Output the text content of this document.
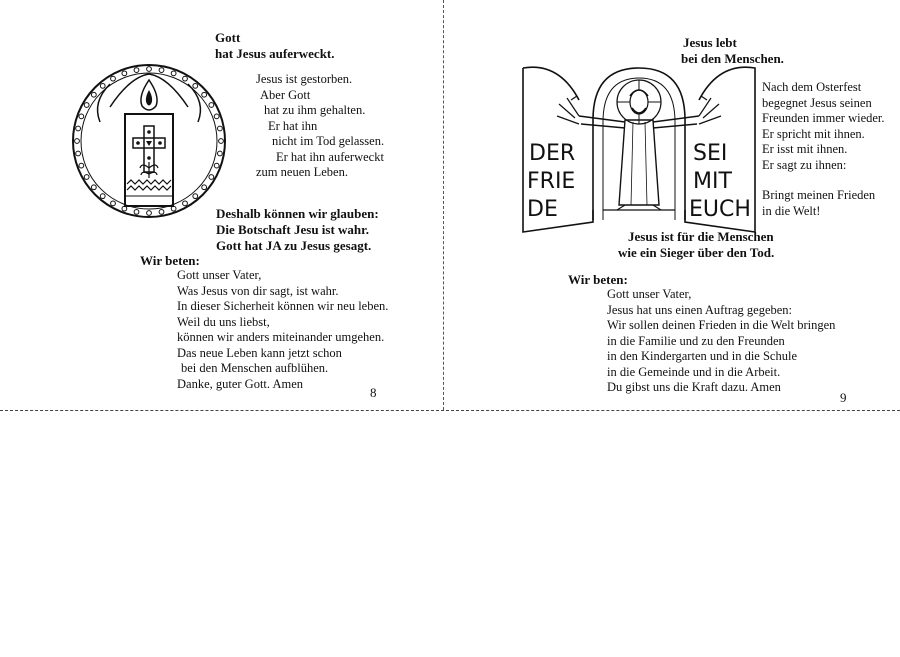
Gott
hat Jesus auferweckt.
Jesus ist gestorben.
Aber Gott
hat zu ihm gehalten.
Er hat ihn
nicht im Tod gelassen.
Er hat ihn auferweckt
zum neuen Leben.
Deshalb können wir glauben:
Die Botschaft Jesu ist wahr.
Gott hat JA zu Jesus gesagt.
Wir beten:
Gott unser Vater,
Was Jesus von dir sagt, ist wahr.
In dieser Sicherheit können wir neu leben.
Weil du uns liebst,
können wir anders miteinander umgehen.
Das neue Leben kann jetzt schon
bei den Menschen aufblühen.
Danke, guter Gott. Amen
8
Jesus lebt
bei den Menschen.
DER
FRIE
DE
SEI
MIT
EUCH
Nach dem Osterfest
begegnet Jesus seinen
Freunden immer wieder.
Er spricht mit ihnen.
Er isst mit ihnen.
Er sagt zu ihnen:
Bringt meinen Frieden
in die Welt!
Jesus ist für die Menschen
wie ein Sieger über den Tod.
Wir beten:
Gott unser Vater,
Jesus hat uns einen Auftrag gegeben:
Wir sollen deinen Frieden in die Welt bringen
in die Familie und zu den Freunden
in den Kindergarten und in die Schule
in die Gemeinde und in die Arbeit.
Du gibst uns die Kraft dazu. Amen
9
